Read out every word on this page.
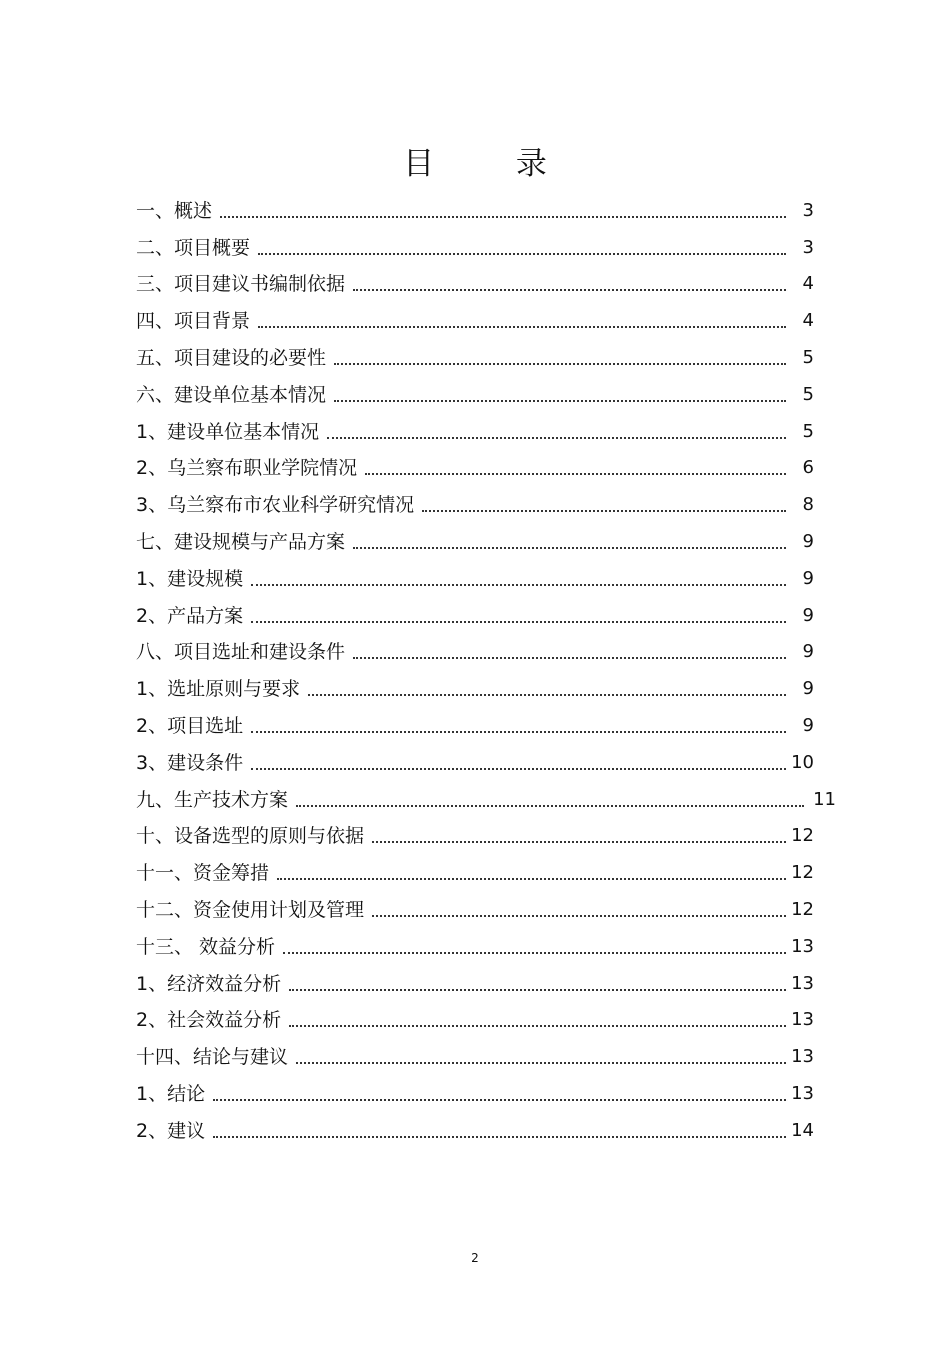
目 录
一、概述	3
二、项目概要	3
三、项目建议书编制依据	4
四、项目背景	4
五、项目建设的必要性	5
六、建设单位基本情况	5
1、建设单位基本情况	5
2、乌兰察布职业学院情况	6
3、乌兰察布市农业科学研究情况	8
七、建设规模与产品方案	9
1、建设规模	9
2、产品方案	9
八、项目选址和建设条件	9
1、选址原则与要求	9
2、项目选址	9
3、建设条件	10
九、生产技术方案	11
十、设备选型的原则与依据	12
十一、资金筹措	12
十二、资金使用计划及管理	12
十三、 效益分析	13
1、经济效益分析	13
2、社会效益分析	13
十四、结论与建议	13
1、结论	13
2、建议	14

2
